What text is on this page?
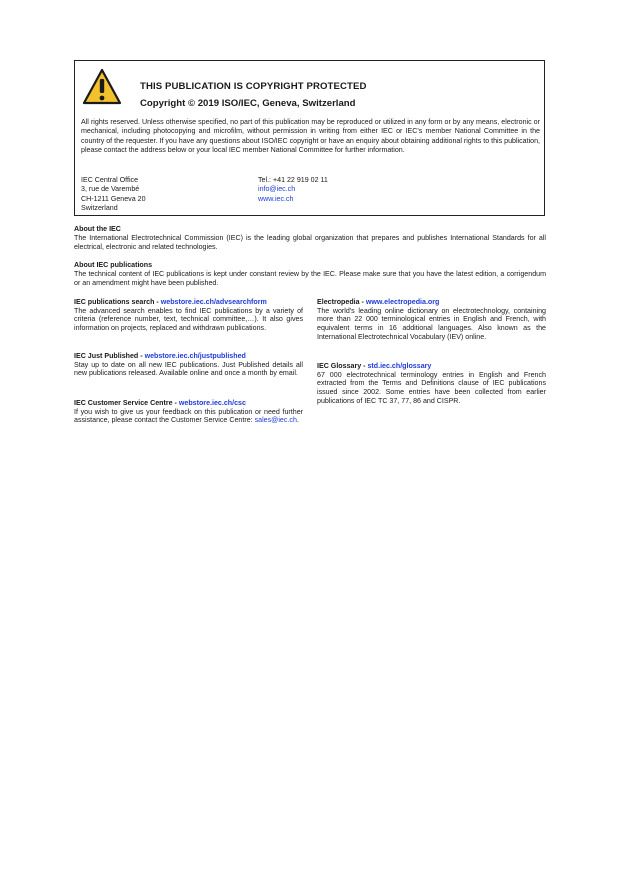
THIS PUBLICATION IS COPYRIGHT PROTECTED
Copyright © 2019 ISO/IEC, Geneva, Switzerland
All rights reserved. Unless otherwise specified, no part of this publication may be reproduced or utilized in any form or by any means, electronic or mechanical, including photocopying and microfilm, without permission in writing from either IEC or IEC's member National Committee in the country of the requester. If you have any questions about ISO/IEC copyright or have an enquiry about obtaining additional rights to this publication, please contact the address below or your local IEC member National Committee for further information.
IEC Central Office
3, rue de Varembé
CH-1211 Geneva 20
Switzerland
Tel.: +41 22 919 02 11
info@iec.ch
www.iec.ch
About the IEC
The International Electrotechnical Commission (IEC) is the leading global organization that prepares and publishes International Standards for all electrical, electronic and related technologies.
About IEC publications
The technical content of IEC publications is kept under constant review by the IEC. Please make sure that you have the latest edition, a corrigendum or an amendment might have been published.
IEC publications search - webstore.iec.ch/advsearchform

The advanced search enables to find IEC publications by a variety of criteria (reference number, text, technical committee,…). It also gives information on projects, replaced and withdrawn publications.

IEC Just Published - webstore.iec.ch/justpublished

Stay up to date on all new IEC publications. Just Published details all new publications released. Available online and once a month by email.

IEC Customer Service Centre - webstore.iec.ch/csc

If you wish to give us your feedback on this publication or need further assistance, please contact the Customer Service Centre: sales@iec.ch.

Electropedia - www.electropedia.org

The world's leading online dictionary on electrotechnology, containing more than 22 000 terminological entries in English and French, with equivalent terms in 16 additional languages. Also known as the International Electrotechnical Vocabulary (IEV) online.

IEC Glossary - std.iec.ch/glossary

67 000 electrotechnical terminology entries in English and French extracted from the Terms and Definitions clause of IEC publications issued since 2002. Some entries have been collected from earlier publications of IEC TC 37, 77, 86 and CISPR.
